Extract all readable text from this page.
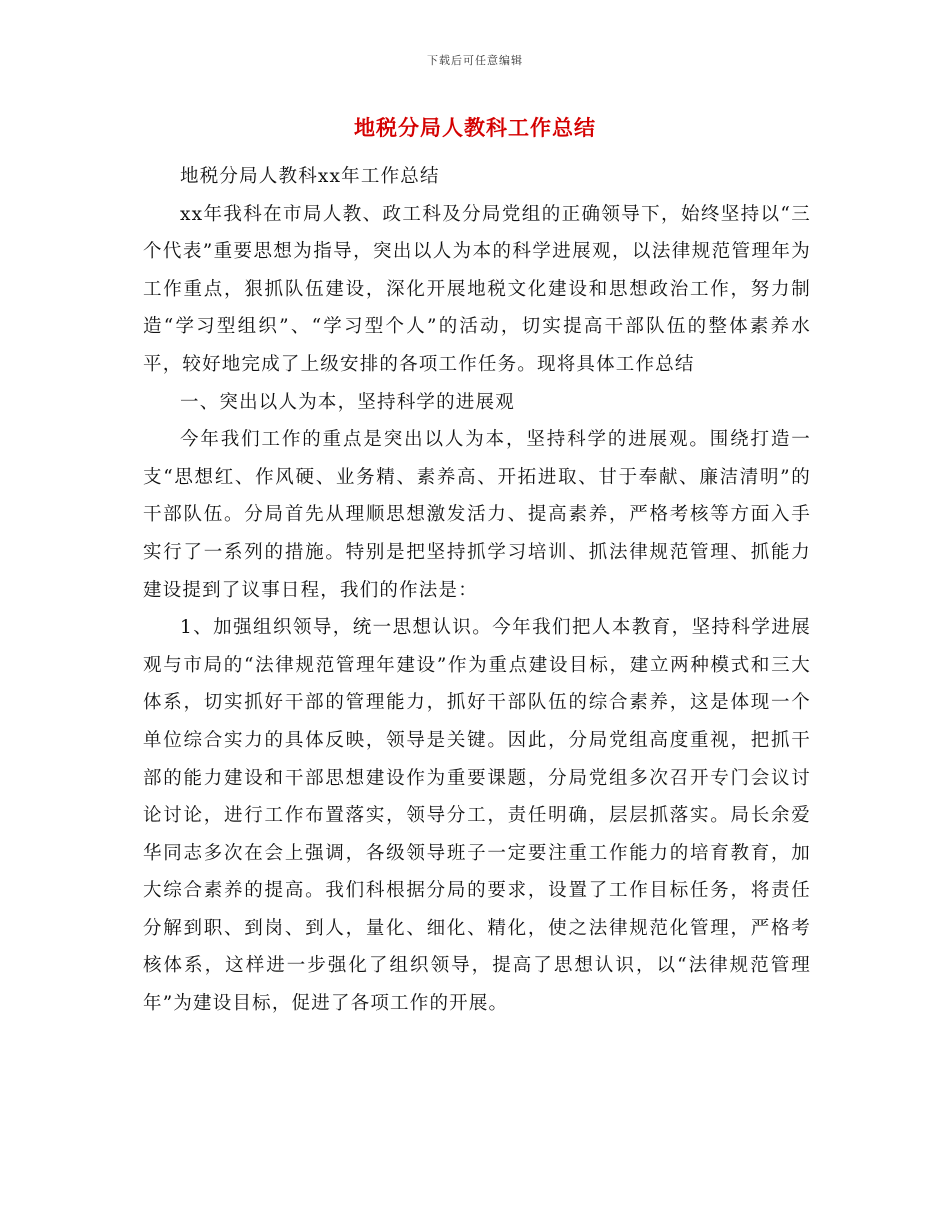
下载后可任意编辑
地税分局人教科工作总结

地税分局人教科xx年工作总结

xx年我科在市局人教、政工科及分局党组的正确领导下，始终坚持以“三个代表”重要思想为指导，突出以人为本的科学进展观，以法律规范管理年为工作重点，狠抓队伍建设，深化开展地税文化建设和思想政治工作，努力制造“学习型组织”、“学习型个人”的活动，切实提高干部队伍的整体素养水平，较好地完成了上级安排的各项工作任务。现将具体工作总结

一、突出以人为本，坚持科学的进展观

今年我们工作的重点是突出以人为本，坚持科学的进展观。围绕打造一支“思想红、作风硬、业务精、素养高、开拓进取、甘于奉献、廉洁清明”的干部队伍。分局首先从理顺思想激发活力、提高素养，严格考核等方面入手实行了一系列的措施。特别是把坚持抓学习培训、抓法律规范管理、抓能力建设提到了议事日程，我们的作法是：

1、加强组织领导，统一思想认识。今年我们把人本教育，坚持科学进展观与市局的“法律规范管理年建设”作为重点建设目标，建立两种模式和三大体系，切实抓好干部的管理能力，抓好干部队伍的综合素养，这是体现一个单位综合实力的具体反映，领导是关键。因此，分局党组高度重视，把抓干部的能力建设和干部思想建设作为重要课题，分局党组多次召开专门会议讨论讨论，进行工作布置落实，领导分工，责任明确，层层抓落实。局长余爱华同志多次在会上强调，各级领导班子一定要注重工作能力的培育教育，加大综合素养的提高。我们科根据分局的要求，设置了工作目标任务，将责任分解到职、到岗、到人，量化、细化、精化，使之法律规范化管理，严格考核体系，这样进一步强化了组织领导，提高了思想认识，以“法律规范管理年”为建设目标，促进了各项工作的开展。
